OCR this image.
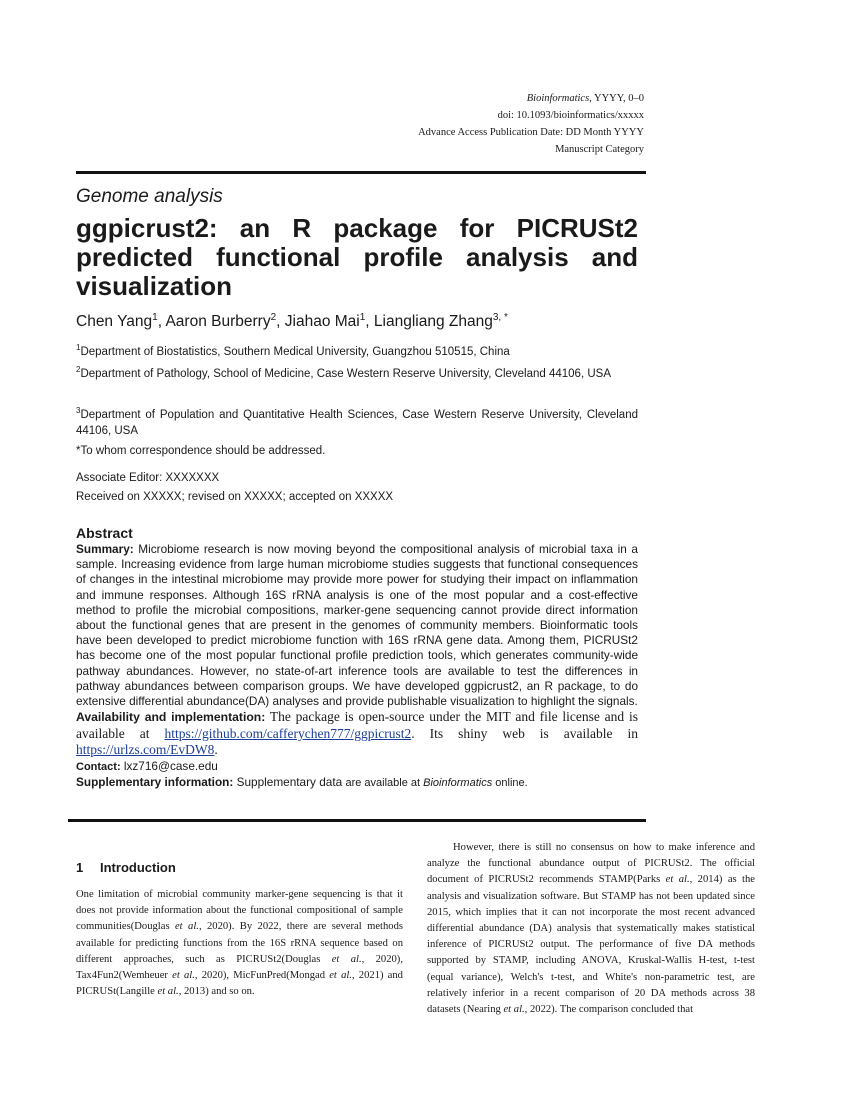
Bioinformatics, YYYY, 0–0
doi: 10.1093/bioinformatics/xxxxx
Advance Access Publication Date: DD Month YYYY
Manuscript Category
Genome analysis
ggpicrust2: an R package for PICRUSt2 predicted functional profile analysis and visualization
Chen Yang$^1$, Aaron Burberry$^2$, Jiahao Mai$^1$, Liangliang Zhang$^{3, *}$
$^1$Department of Biostatistics, Southern Medical University, Guangzhou 510515, China
$^2$Department of Pathology, School of Medicine, Case Western Reserve University, Cleveland 44106, USA
$^3$Department of Population and Quantitative Health Sciences, Case Western Reserve University, Cleveland 44106, USA
*To whom correspondence should be addressed.
Associate Editor: XXXXXXX
Received on XXXXX; revised on XXXXX; accepted on XXXXX
Abstract
Summary: Microbiome research is now moving beyond the compositional analysis of microbial taxa in a sample. Increasing evidence from large human microbiome studies suggests that functional consequences of changes in the intestinal microbiome may provide more power for studying their impact on inflammation and immune responses. Although 16S rRNA analysis is one of the most popular and a cost-effective method to profile the microbial compositions, marker-gene sequencing cannot provide direct information about the functional genes that are present in the genomes of community members. Bioinformatic tools have been developed to predict microbiome function with 16S rRNA gene data. Among them, PICRUSt2 has become one of the most popular functional profile prediction tools, which generates community-wide pathway abundances. However, no state-of-art inference tools are available to test the differences in pathway abundances between comparison groups. We have developed ggpicrust2, an R package, to do extensive differential abundance(DA) analyses and provide publishable visualization to highlight the signals.
Availability and implementation: The package is open-source under the MIT and file license and is available at https://github.com/cafferychen777/ggpicrust2. Its shiny web is available in https://urlzs.com/EvDW8.
Contact: lxz716@case.edu
Supplementary information: Supplementary data are available at Bioinformatics online.
1 Introduction
One limitation of microbial community marker-gene sequencing is that it does not provide information about the functional compositional of sample communities(Douglas et al., 2020). By 2022, there are several methods available for predicting functions from the 16S rRNA sequence based on different approaches, such as PICRUSt2(Douglas et al., 2020), Tax4Fun2(Wemheuer et al., 2020), MicFunPred(Mongad et al., 2021) and PICRUSt(Langille et al., 2013) and so on.
However, there is still no consensus on how to make inference and analyze the functional abundance output of PICRUSt2. The official document of PICRUSt2 recommends STAMP(Parks et al., 2014) as the analysis and visualization software. But STAMP has not been updated since 2015, which implies that it can not incorporate the most recent advanced differential abundance (DA) analysis that systematically makes statistical inference of PICRUSt2 output. The performance of five DA methods supported by STAMP, including ANOVA, Kruskal-Wallis H-test, t-test (equal variance), Welch's t-test, and White's non-parametric test, are relatively inferior in a recent comparison of 20 DA methods across 38 datasets (Nearing et al., 2022). The comparison concluded that
